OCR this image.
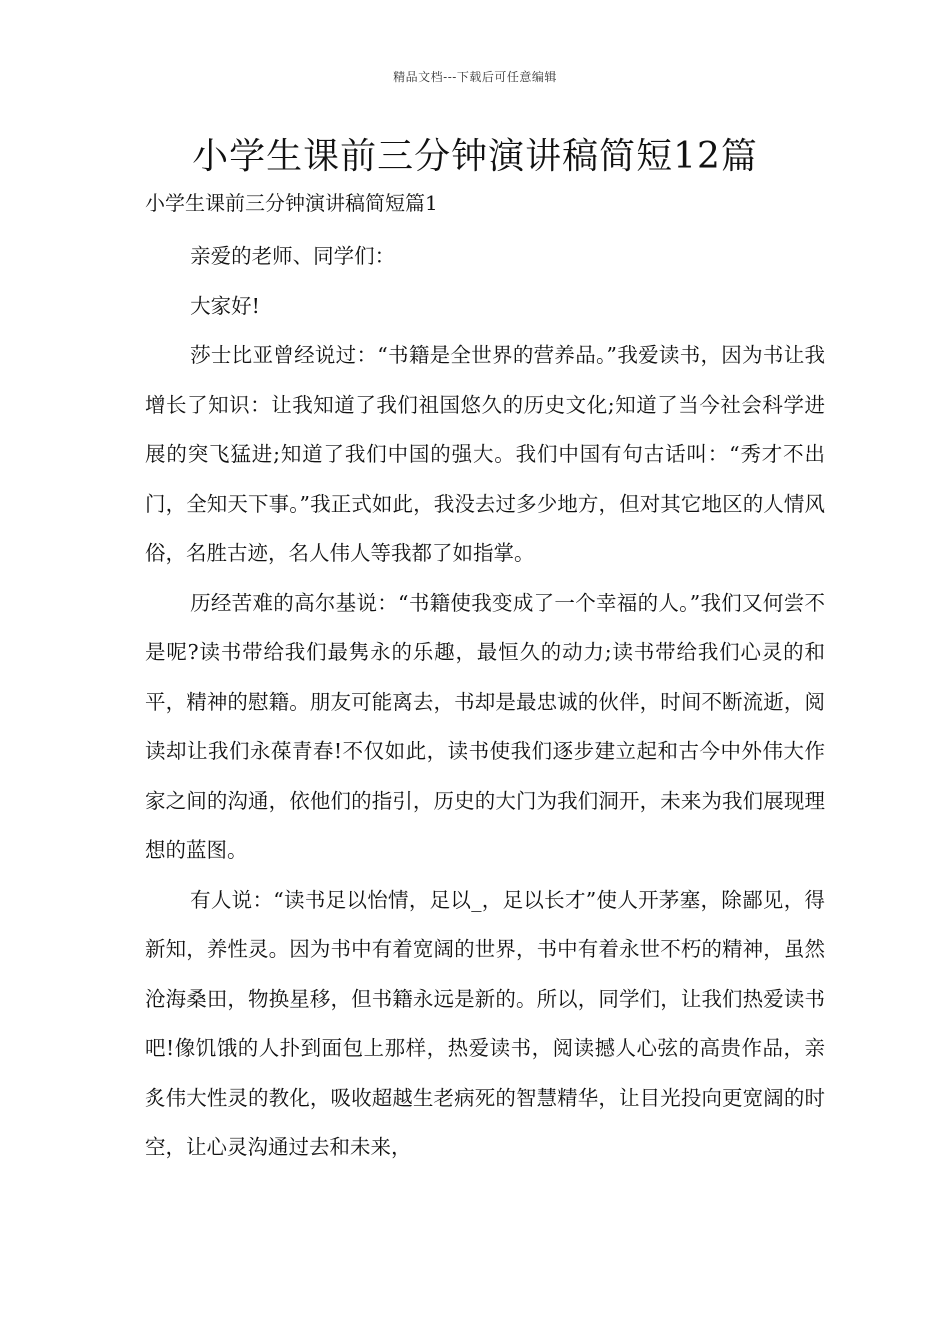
精品文档---下载后可任意编辑
小学生课前三分钟演讲稿简短12篇
小学生课前三分钟演讲稿简短篇1

亲爱的老师、同学们：

大家好!

莎士比亚曾经说过：“书籍是全世界的营养品。”我爱读书，因为书让我增长了知识：让我知道了我们祖国悠久的历史文化;知道了当今社会科学进展的突飞猛进;知道了我们中国的强大。我们中国有句古话叫：“秀才不出门，全知天下事。”我正式如此，我没去过多少地方，但对其它地区的人情风俗，名胜古迹，名人伟人等我都了如指掌。

历经苦难的高尔基说：“书籍使我变成了一个幸福的人。”我们又何尝不是呢?读书带给我们最隽永的乐趣，最恒久的动力;读书带给我们心灵的和平，精神的慰籍。朋友可能离去，书却是最忠诚的伙伴，时间不断流逝，阅读却让我们永葆青春!不仅如此，读书使我们逐步建立起和古今中外伟大作家之间的沟通，依他们的指引，历史的大门为我们洞开，未来为我们展现理想的蓝图。

有人说：“读书足以怡情，足以_，足以长才”使人开茅塞，除鄙见，得新知，养性灵。因为书中有着宽阔的世界，书中有着永世不朽的精神，虽然沧海桑田，物换星移，但书籍永远是新的。所以，同学们，让我们热爱读书吧!像饥饿的人扑到面包上那样，热爱读书，阅读撼人心弦的高贵作品，亲炙伟大性灵的教化，吸收超越生老病死的智慧精华，让目光投向更宽阔的时空，让心灵沟通过去和未来，
